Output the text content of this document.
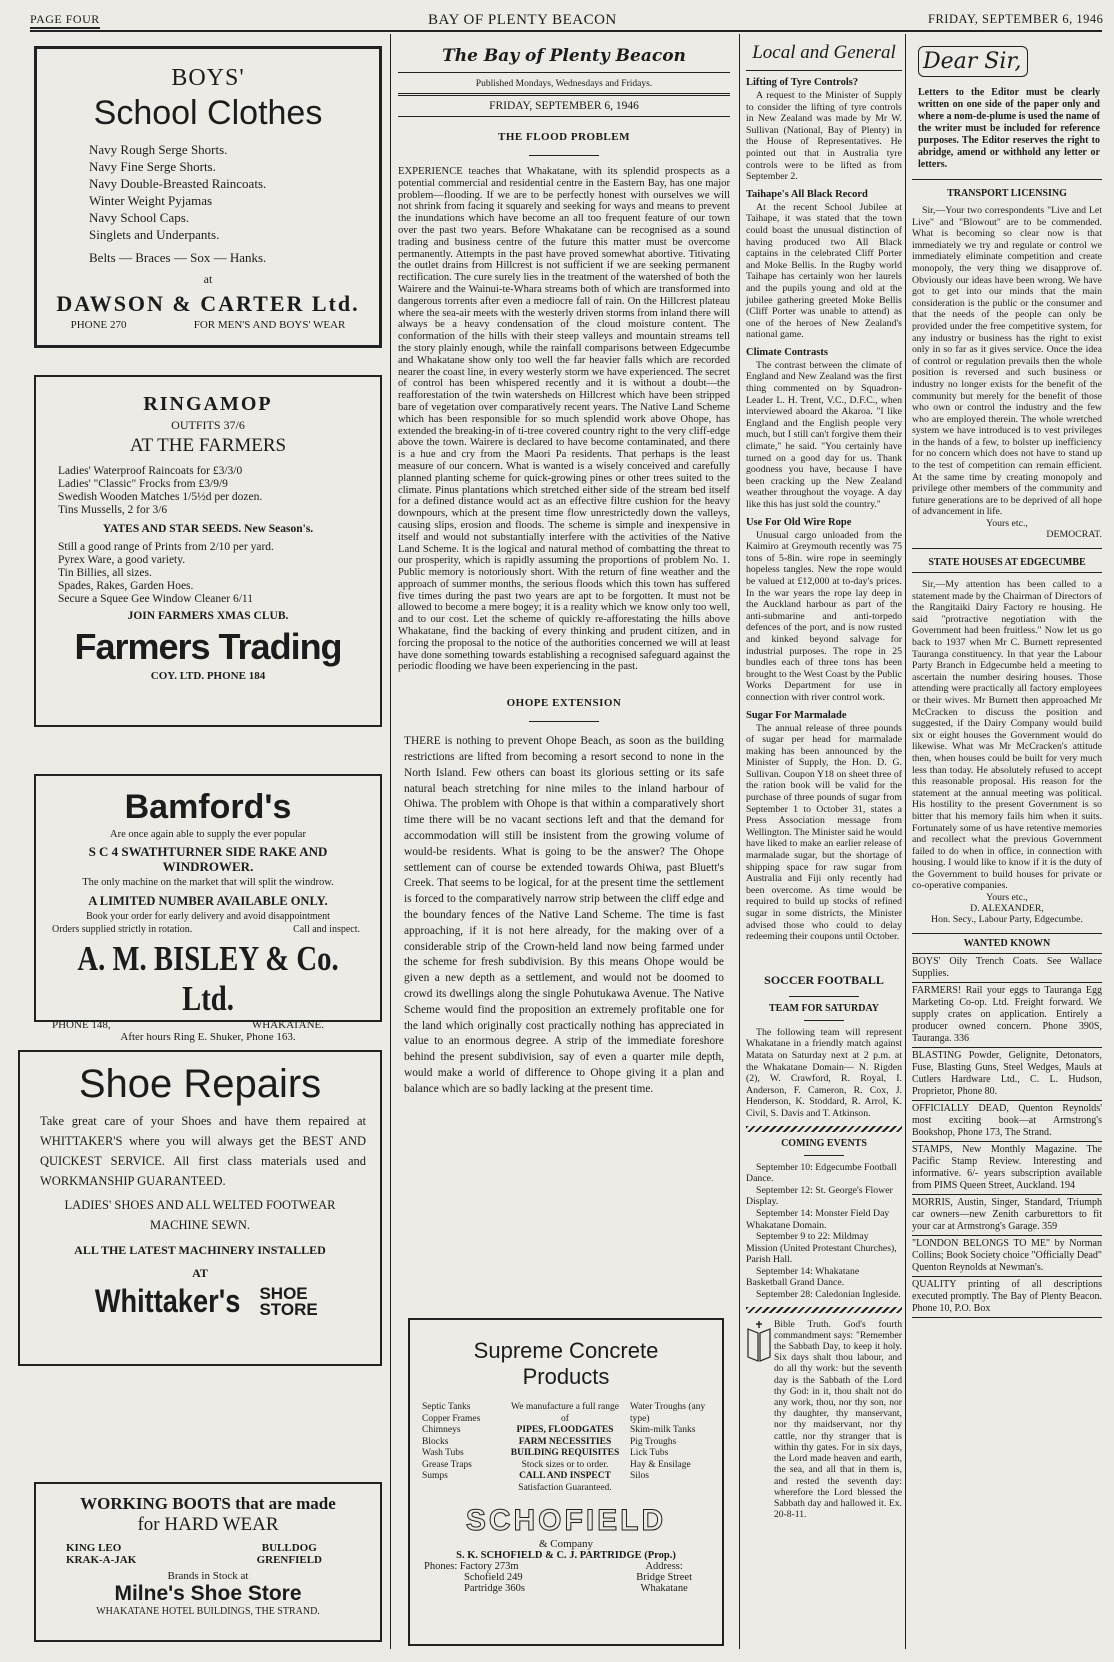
PAGE FOUR	BAY OF PLENTY BEACON	FRIDAY, SEPTEMBER 6, 1946
BOYS'
School Clothes
Navy Rough Serge Shorts.
Navy Fine Serge Shorts.
Navy Double-Breasted Raincoats.
Winter Weight Pyjamas
Navy School Caps.
Singlets and Underpants.
Belts — Braces — Sox — Hanks.
at
DAWSON & CARTER Ltd.
PHONE 270	FOR MEN'S AND BOYS' WEAR
RINGAMOP
OUTFITS 37/6
AT THE FARMERS

Ladies' Waterproof Raincoats for £3/3/0

Ladies' "Classic" Frocks from £3/9/9

Swedish Wooden Matches 1/5½d per dozen.

Tins Mussells, 2 for 3/6

YATES AND STAR SEEDS. New Season's.

Still a good range of Prints from 2/10 per yard.

Pyrex Ware, a good variety.

Tin Billies, all sizes.

Spades, Rakes, Garden Hoes.

Secure a Squee Gee Window Cleaner 6/11

JOIN FARMERS XMAS CLUB.
Farmers Trading
COY. LTD. PHONE 184
Bamford's
Are once again able to supply the ever popular
S C 4 SWATHTURNER SIDE RAKE AND WINDROWER.
The only machine on the market that will split the windrow.
A LIMITED NUMBER AVAILABLE ONLY.
Book your order for early delivery and avoid disappointment
Orders supplied strictly in rotation.	Call and inspect.
A. M. BISLEY & Co. Ltd.
PHONE 148,	WHAKATANE.
After hours Ring E. Shuker, Phone 163.
Shoe Repairs
Take great care of your Shoes and have them repaired at WHITTAKER'S where you will always get the BEST AND QUICKEST SERVICE. All first class materials used and WORKMANSHIP GUARANTEED.
LADIES' SHOES AND ALL WELTED FOOTWEAR MACHINE SEWN.
ALL THE LATEST MACHINERY INSTALLED
AT
Whittaker's SHOE
STORE
WORKING BOOTS that are made
for HARD WEAR
KING LEO
KRAK-A-JAK
BULLDOG
GRENFIELD
Brands in Stock at
Milne's Shoe Store
WHAKATANE HOTEL BUILDINGS, THE STRAND.
The Bay of Plenty Beacon
Published Mondays, Wednesdays and Fridays.
FRIDAY, SEPTEMBER 6, 1946
THE FLOOD PROBLEM
EXPERIENCE teaches that Whakatane, with its splendid prospects as a potential commercial and residential centre in the Eastern Bay, has one major problem—flooding. If we are to be perfectly honest with ourselves we will not shrink from facing it squarely and seeking for ways and means to prevent the inundations which have become an all too frequent feature of our town over the past two years. Before Whakatane can be recognised as a sound trading and business centre of the future this matter must be overcome permanently. Attempts in the past have proved somewhat abortive. Titivating the outlet drains from Hillcrest is not sufficient if we are seeking permanent rectification. The cure surely lies in the treatment of the watershed of both the Wairere and the Wainui-te-Whara streams both of which are transformed into dangerous torrents after even a mediocre fall of rain. On the Hillcrest plateau where the sea-air meets with the westerly driven storms from inland there will always be a heavy condensation of the cloud moisture content. The conformation of the hills with their steep valleys and mountain streams tell the story plainly enough, while the rainfall comparisons between Edgecumbe and Whakatane show only too well the far heavier falls which are recorded nearer the coast line, in every westerly storm we have experienced. The secret of control has been whispered recently and it is without a doubt—the reafforestation of the twin watersheds on Hillcrest which have been stripped bare of vegetation over comparatively recent years. The Native Land Scheme which has been responsible for so much splendid work above Ohope, has extended the breaking-in of ti-tree covered country right to the very cliff-edge above the town. Wairere is declared to have become contaminated, and there is a hue and cry from the Maori Pa residents. That perhaps is the least measure of our concern. What is wanted is a wisely conceived and carefully planned planting scheme for quick-growing pines or other trees suited to the climate. Pinus plantations which stretched either side of the stream bed itself for a defined distance would act as an effective filtre cushion for the heavy downpours, which at the present time flow unrestrictedly down the valleys, causing slips, erosion and floods. The scheme is simple and inexpensive in itself and would not substantially interfere with the activities of the Native Land Scheme. It is the logical and natural method of combatting the threat to our prosperity, which is rapidly assuming the proportions of problem No. 1. Public memory is notoriously short. With the return of fine weather and the approach of summer months, the serious floods which this town has suffered five times during the past two years are apt to be forgotten. It must not be allowed to become a mere bogey; it is a reality which we know only too well, and to our cost. Let the scheme of quickly re-afforestating the hills above Whakatane, find the backing of every thinking and prudent citizen, and in forcing the proposal to the notice of the authorities concerned we will at least have done something towards establishing a recognised safeguard against the periodic flooding we have been experiencing in the past.
OHOPE EXTENSION
THERE is nothing to prevent Ohope Beach, as soon as the building restrictions are lifted from becoming a resort second to none in the North Island. Few others can boast its glorious setting or its safe natural beach stretching for nine miles to the inland harbour of Ohiwa. The problem with Ohope is that within a comparatively short time there will be no vacant sections left and that the demand for accommodation will still be insistent from the growing volume of would-be residents. What is going to be the answer? The Ohope settlement can of course be extended towards Ohiwa, past Bluett's Creek. That seems to be logical, for at the present time the settlement is forced to the comparatively narrow strip between the cliff edge and the boundary fences of the Native Land Scheme. The time is fast approaching, if it is not here already, for the making over of a considerable strip of the Crown-held land now being farmed under the scheme for fresh subdivision. By this means Ohope would be given a new depth as a settlement, and would not be doomed to crowd its dwellings along the single Pohutukawa Avenue. The Native Scheme would find the proposition an extremely profitable one for the land which originally cost practically nothing has appreciated in value to an enormous degree. A strip of the immediate foreshore behind the present subdivision, say of even a quarter mile depth, would make a world of difference to Ohope giving it a plan and balance which are so badly lacking at the present time.
Supreme Concrete
Products
Septic Tanks
Copper Frames
Chimneys
Blocks
Wash Tubs
Grease Traps
Sumps
We manufacture a full range of
PIPES, FLOODGATES
FARM NECESSITIES
BUILDING REQUISITES
Stock sizes or to order.
CALL AND INSPECT
Satisfaction Guaranteed.
Water Troughs (any type)
Skim-milk Tanks
Pig Troughs
Lick Tubs
Hay & Ensilage Silos
SCHOFIELD
& Company
S. K. SCHOFIELD & C. J. PARTRIDGE (Prop.)
Phones: Factory 273m
Schofield 249
Partridge 360s
Address:
Bridge Street
Whakatane
Local and General
Lifting of Tyre Controls?
A request to the Minister of Supply to consider the lifting of tyre controls in New Zealand was made by Mr W. Sullivan (National, Bay of Plenty) in the House of Representatives. He pointed out that in Australia tyre controls were to be lifted as from September 2.
Taihape's All Black Record
At the recent School Jubilee at Taihape, it was stated that the town could boast the unusual distinction of having produced two All Black captains in the celebrated Cliff Porter and Moke Bellis. In the Rugby world Taihape has certainly won her laurels and the pupils young and old at the jubilee gathering greeted Moke Bellis (Cliff Porter was unable to attend) as one of the heroes of New Zealand's national game.
Climate Contrasts
The contrast between the climate of England and New Zealand was the first thing commented on by Squadron-Leader L. H. Trent, V.C., D.F.C., when interviewed aboard the Akaroa. "I like England and the English people very much, but I still can't forgive them their climate," he said. "You certainly have turned on a good day for us. Thank goodness you have, because I have been cracking up the New Zealand weather throughout the voyage. A day like this has just sold the country."
Use For Old Wire Rope
Unusual cargo unloaded from the Kaimiro at Greymouth recently was 75 tons of 5-8in. wire rope in seemingly hopeless tangles. New the rope would be valued at £12,000 at to-day's prices. In the war years the rope lay deep in the Auckland harbour as part of the anti-submarine and anti-torpedo defences of the port, and is now rusted and kinked beyond salvage for industrial purposes. The rope in 25 bundles each of three tons has been brought to the West Coast by the Public Works Department for use in connection with river control work.
Sugar For Marmalade
The annual release of three pounds of sugar per head for marmalade making has been announced by the Minister of Supply, the Hon. D. G. Sullivan. Coupon Y18 on sheet three of the ration book will be valid for the purchase of three pounds of sugar from September 1 to October 31, states a Press Association message from Wellington. The Minister said he would have liked to make an earlier release of marmalade sugar, but the shortage of shipping space for raw sugar from Australia and Fiji only recently had been overcome. As time would be required to build up stocks of refined sugar in some districts, the Minister advised those who could to delay redeeming their coupons until October.
SOCCER FOOTBALL
TEAM FOR SATURDAY
The following team will represent Whakatane in a friendly match against Matata on Saturday next at 2 p.m. at the Whakatane Domain— N. Rigden (2), W. Crawford, R. Royal, I. Anderson, F. Cameron, R. Cox, J. Henderson, K. Stoddard, R. Arrol, K. Civil, S. Davis and T. Atkinson.
COMING EVENTS
September 10: Edgecumbe Football Dance.
September 12: St. George's Flower Display.
September 14: Monster Field Day Whakatane Domain.
September 9 to 22: Mildmay Mission (United Protestant Churches), Parish Hall.
September 14: Whakatane Basketball Grand Dance.
September 28: Caledonian Ingleside.
Bible Truth. God's fourth commandment says: "Remember the Sabbath Day, to keep it holy. Six days shalt thou labour, and do all thy work: but the seventh day is the Sabbath of the Lord thy God: in it, thou shalt not do any work, thou, nor thy son, nor thy daughter, thy manservant, nor thy maidservant, nor thy cattle, nor thy stranger that is within thy gates. For in six days, the Lord made heaven and earth, the sea, and all that in them is, and rested the seventh day: wherefore the Lord blessed the Sabbath day and hallowed it. Ex. 20-8-11.
Dear Sir,
Letters to the Editor must be clearly written on one side of the paper only and where a nom-de-plume is used the name of the writer must be included for reference purposes. The Editor reserves the right to abridge, amend or withhold any letter or letters.
TRANSPORT LICENSING
Sir,—Your two correspondents "Live and Let Live" and "Blowout" are to be commended. What is becoming so clear now is that immediately we try and regulate or control we immediately eliminate competition and create monopoly, the very thing we disapprove of. Obviously our ideas have been wrong. We have got to get into our minds that the main consideration is the public or the consumer and that the needs of the people can only be provided under the free competitive system, for any industry or business has the right to exist only in so far as it gives service. Once the idea of control or regulation prevails then the whole position is reversed and such business or industry no longer exists for the benefit of the community but merely for the benefit of those who own or control the industry and the few who are employed therein. The whole wretched system we have introduced is to vest privileges in the hands of a few, to bolster up inefficiency for no concern which does not have to stand up to the test of competition can remain efficient. At the same time by creating monopoly and privilege other members of the community and future generations are to be deprived of all hope of advancement in life.
Yours etc.,
DEMOCRAT.
STATE HOUSES AT EDGECUMBE
Sir,—My attention has been called to a statement made by the Chairman of Directors of the Rangitaiki Dairy Factory re housing. He said "protractive negotiation with the Government had been fruitless." Now let us go back to 1937 when Mr C. Burnett represented Tauranga constituency. In that year the Labour Party Branch in Edgecumbe held a meeting to ascertain the number desiring houses. Those attending were practically all factory employees or their wives. Mr Burnett then approached Mr McCracken to discuss the position and suggested, if the Dairy Company would build six or eight houses the Government would do likewise. What was Mr McCracken's attitude then, when houses could be built for very much less than today. He absolutely refused to accept this reasonable proposal. His reason for the statement at the annual meeting was political. His hostility to the present Government is so bitter that his memory fails him when it suits. Fortunately some of us have retentive memories and recollect what the previous Government failed to do when in office, in connection with housing. I would like to know if it is the duty of the Government to build houses for private or co-operative companies.
Yours etc.,
D. ALEXANDER,
Hon. Secy., Labour Party, Edgecumbe.
WANTED KNOWN

BOYS' Oily Trench Coats. See Wallace Supplies.

FARMERS! Rail your eggs to Tauranga Egg Marketing Co-op. Ltd. Freight forward. We supply crates on application. Entirely a producer owned concern. Phone 390S, Tauranga. 336

BLASTING Powder, Gelignite, Detonators, Fuse, Blasting Guns, Steel Wedges, Mauls at Cutlers Hardware Ltd., C. L. Hudson, Proprietor, Phone 80.

OFFICIALLY DEAD, Quenton Reynolds' most exciting book—at Armstrong's Bookshop, Phone 173, The Strand.

STAMPS, New Monthly Magazine. The Pacific Stamp Review. Interesting and informative. 6/- years subscription available from PIMS Queen Street, Auckland. 194

MORRIS, Austin, Singer, Standard, Triumph car owners—new Zenith carburettors to fit your car at Armstrong's Garage. 359

"LONDON BELONGS TO ME" by Norman Collins; Book Society choice "Officially Dead" Quenton Reynolds at Newman's.

QUALITY printing of all descriptions executed promptly. The Bay of Plenty Beacon. Phone 10, P.O. Box
